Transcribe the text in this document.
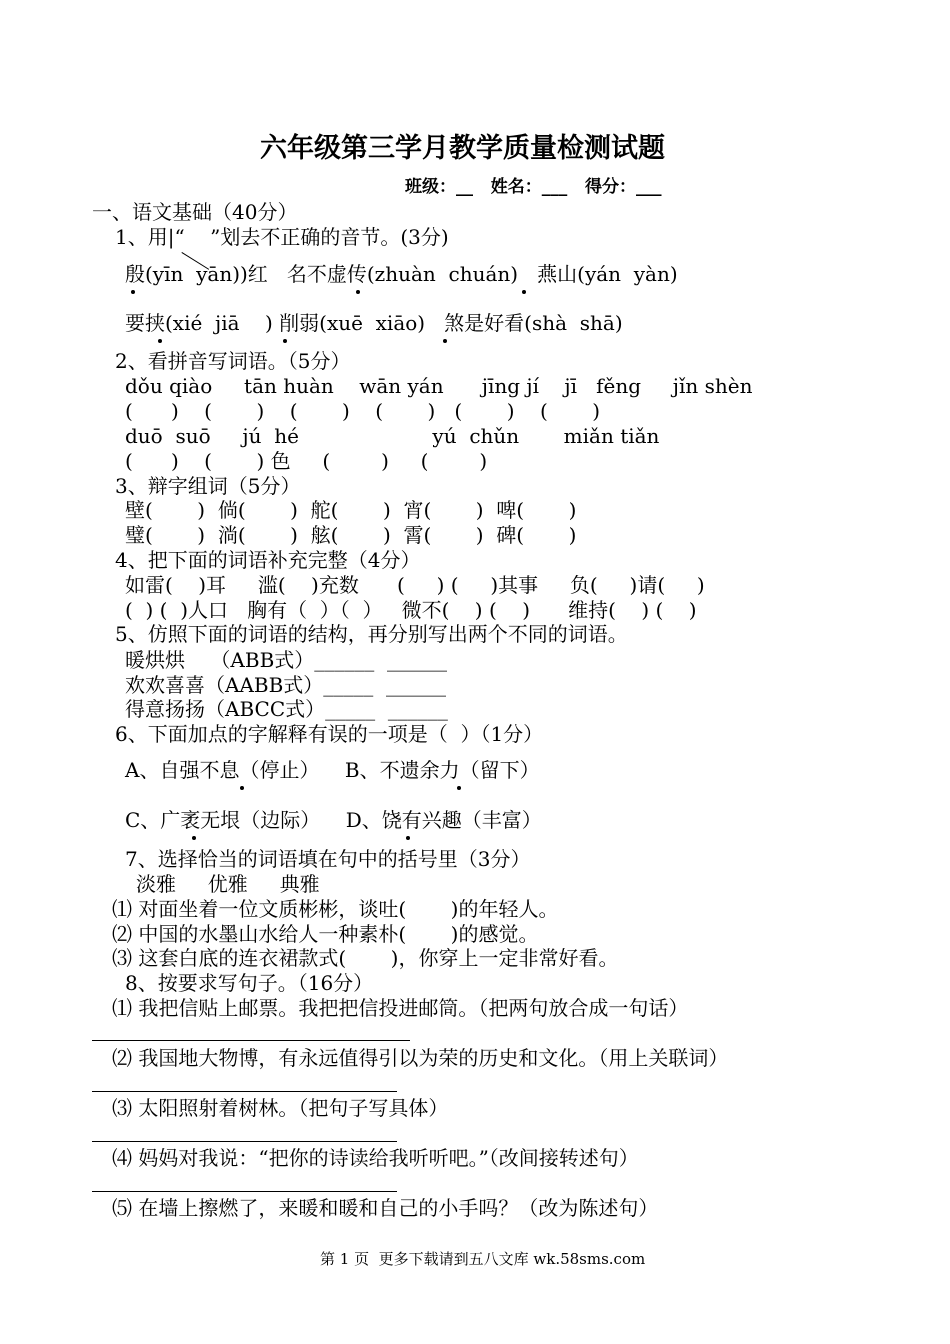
六年级第三学月教学质量检测试题
班级：__   姓名：___   得分：___
一、语文基础（40分）
1、用|“    ”划去不正确的音节。(3分)
殷(yīn  yān))红   名不虚传(zhuàn  chuán)   燕山(yán  yàn)
要挟(xié  jiā    ) 削弱(xuē  xiāo)   煞是好看(shà  shā)
2、看拼音写词语。（5分）
dǒu qiào     tān huàn    wān yán      jīng jí    jī   fěng     jǐn shèn
(      )    (       )    (       )    (       )   (       )    (       )
duō  suō     jú  hé                     yú  chǔn       miǎn tiǎn
(      )    (       ) 色     (        )     (        )
3、辩字组词（5分）
壁(       )  倘(       )  舵(       )  宵(       )  啤(       )
璧(       )  淌(       )  舷(       )  霄(       )  碑(       )
4、把下面的词语补充完整（4分）
如雷(    )耳     滥(    )充数      (     ) (     )其事     负(     )请(     )
(  ) (  )人口   胸有（  ）（  ）   微不(    ) (    )      维持(    ) (    )
5、仿照下面的词语的结构，再分别写出两个不同的词语。
暖烘烘    （ABB式）______  ______
欢欢喜喜（AABB式）_____  ______
得意扬扬（ABCC式）_____  ______
6、下面加点的字解释有误的一项是（  ）（1分）
A、自强不息（停止）    B、不遗余力（留下）
C、广袤无垠（边际）    D、饶有兴趣（丰富）
7、选择恰当的词语填在句中的括号里（3分）
淡雅     优雅     典雅
⑴ 对面坐着一位文质彬彬，谈吐(       )的年轻人。
⑵ 中国的水墨山水给人一种素朴(       )的感觉。
⑶ 这套白底的连衣裙款式(       )，你穿上一定非常好看。
8、按要求写句子。（16分）
⑴ 我把信贴上邮票。我把把信投进邮筒。（把两句放合成一句话）
⑵ 我国地大物博，有永远值得引以为荣的历史和文化。（用上关联词）
⑶ 太阳照射着树林。（把句子写具体）
⑷ 妈妈对我说：“把你的诗读给我听听吧。”（改间接转述句）
⑸ 在墙上擦燃了，来暖和暖和自己的小手吗？（改为陈述句）
第 1 页  更多下载请到五八文库 wk.58sms.com
